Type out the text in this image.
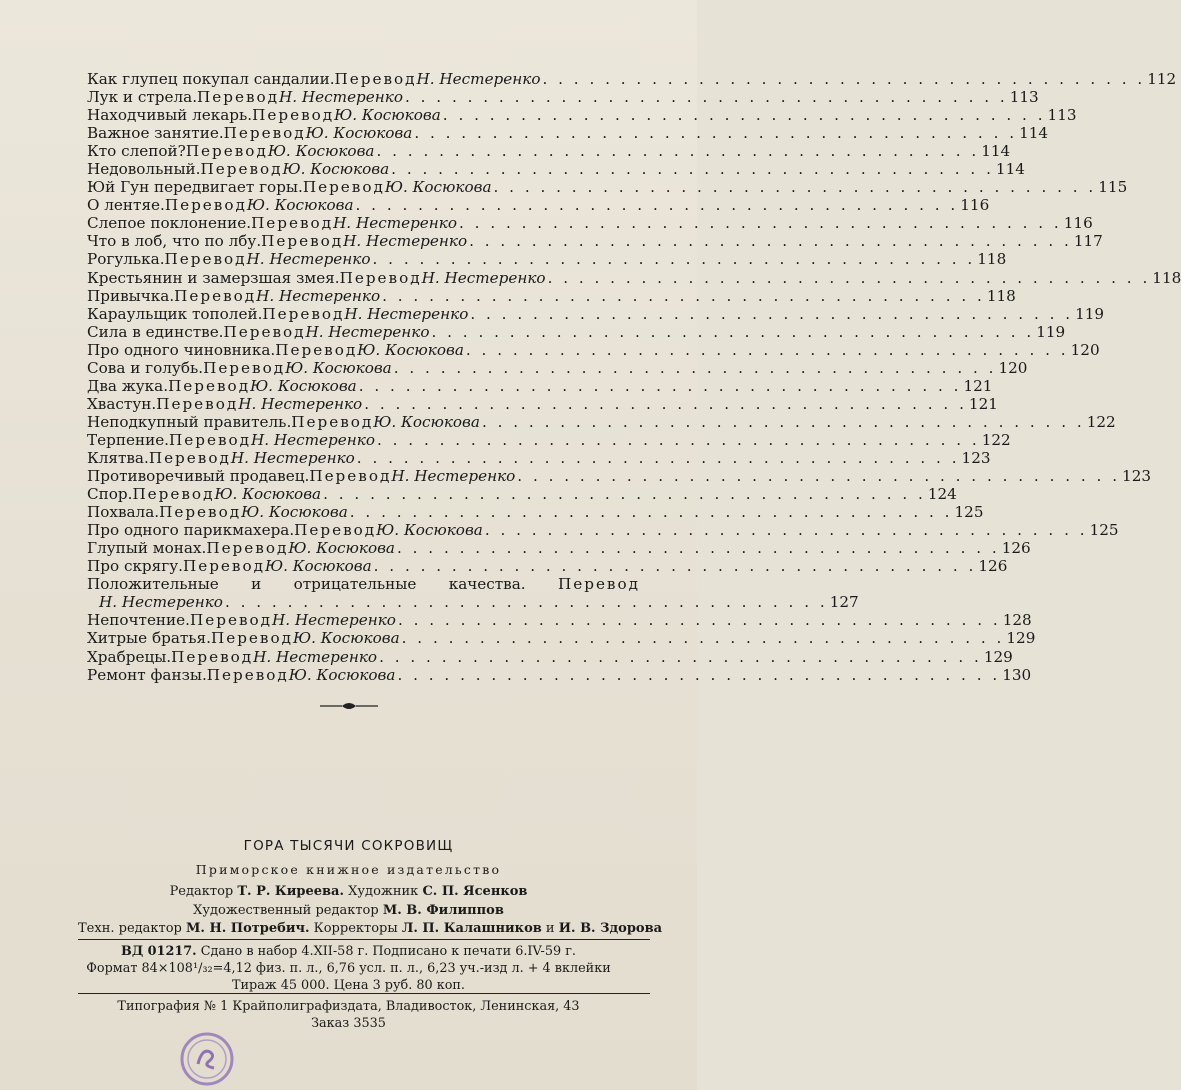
Как глупец покупал сандалии. Перевод Н. Нестеренко . . . . . . . . . . . . . . . . . . . . . . . . . . . . . . . . . . . . . . . 112
Лук и стрела. Перевод Н. Нестеренко . . . . . . . . . . . . . . . . . . . . . . . . . . . . . . . . . . . . . . . 113
Находчивый лекарь. Перевод Ю. Косюкова . . . . . . . . . . . . . . . . . . . . . . . . . . . . . . . . . . . . . . . 113
Важное занятие. Перевод Ю. Косюкова . . . . . . . . . . . . . . . . . . . . . . . . . . . . . . . . . . . . . . . 114
Кто слепой? Перевод Ю. Косюкова . . . . . . . . . . . . . . . . . . . . . . . . . . . . . . . . . . . . . . . 114
Недовольный. Перевод Ю. Косюкова . . . . . . . . . . . . . . . . . . . . . . . . . . . . . . . . . . . . . . . 114
Юй Гун передвигает горы. Перевод Ю. Косюкова . . . . . . . . . . . . . . . . . . . . . . . . . . . . . . . . . . . . . . . 115
О лентяе. Перевод Ю. Косюкова . . . . . . . . . . . . . . . . . . . . . . . . . . . . . . . . . . . . . . . 116
Слепое поклонение. Перевод Н. Нестеренко . . . . . . . . . . . . . . . . . . . . . . . . . . . . . . . . . . . . . . . 116
Что в лоб, что по лбу. Перевод Н. Нестеренко . . . . . . . . . . . . . . . . . . . . . . . . . . . . . . . . . . . . . . . 117
Рогулька. Перевод Н. Нестеренко . . . . . . . . . . . . . . . . . . . . . . . . . . . . . . . . . . . . . . . 118
Крестьянин и замерзшая змея. Перевод Н. Нестеренко . . . . . . . . . . . . . . . . . . . . . . . . . . . . . . . . . . . . . . . 118
Привычка. Перевод Н. Нестеренко . . . . . . . . . . . . . . . . . . . . . . . . . . . . . . . . . . . . . . . 118
Караульщик тополей. Перевод Н. Нестеренко . . . . . . . . . . . . . . . . . . . . . . . . . . . . . . . . . . . . . . . 119
Сила в единстве. Перевод Н. Нестеренко . . . . . . . . . . . . . . . . . . . . . . . . . . . . . . . . . . . . . . . 119
Про одного чиновника. Перевод Ю. Косюкова . . . . . . . . . . . . . . . . . . . . . . . . . . . . . . . . . . . . . . . 120
Сова и голубь. Перевод Ю. Косюкова . . . . . . . . . . . . . . . . . . . . . . . . . . . . . . . . . . . . . . . 120
Два жука. Перевод Ю. Косюкова . . . . . . . . . . . . . . . . . . . . . . . . . . . . . . . . . . . . . . . 121
Хвастун. Перевод Н. Нестеренко . . . . . . . . . . . . . . . . . . . . . . . . . . . . . . . . . . . . . . . 121
Неподкупный правитель. Перевод Ю. Косюкова . . . . . . . . . . . . . . . . . . . . . . . . . . . . . . . . . . . . . . . 122
Терпение. Перевод Н. Нестеренко . . . . . . . . . . . . . . . . . . . . . . . . . . . . . . . . . . . . . . . 122
Клятва. Перевод Н. Нестеренко . . . . . . . . . . . . . . . . . . . . . . . . . . . . . . . . . . . . . . . 123
Противоречивый продавец. Перевод Н. Нестеренко . . . . . . . . . . . . . . . . . . . . . . . . . . . . . . . . . . . . . . . 123
Спор. Перевод Ю. Косюкова . . . . . . . . . . . . . . . . . . . . . . . . . . . . . . . . . . . . . . . 124
Похвала. Перевод Ю. Косюкова . . . . . . . . . . . . . . . . . . . . . . . . . . . . . . . . . . . . . . . 125
Про одного парикмахера. Перевод Ю. Косюкова . . . . . . . . . . . . . . . . . . . . . . . . . . . . . . . . . . . . . . . 125
Глупый монах. Перевод Ю. Косюкова . . . . . . . . . . . . . . . . . . . . . . . . . . . . . . . . . . . . . . . 126
Про скрягу. Перевод Ю. Косюкова . . . . . . . . . . . . . . . . . . . . . . . . . . . . . . . . . . . . . . . 126
Положительные и отрицательные качества. Перевод
Н. Нестеренко . . . . . . . . . . . . . . . . . . . . . . . . . . . . . . . . . . . . . . . 127
Непочтение. Перевод Н. Нестеренко . . . . . . . . . . . . . . . . . . . . . . . . . . . . . . . . . . . . . . . 128
Хитрые братья. Перевод Ю. Косюкова . . . . . . . . . . . . . . . . . . . . . . . . . . . . . . . . . . . . . . . 129
Храбрецы. Перевод Н. Нестеренко . . . . . . . . . . . . . . . . . . . . . . . . . . . . . . . . . . . . . . . 129
Ремонт фанзы. Перевод Ю. Косюкова . . . . . . . . . . . . . . . . . . . . . . . . . . . . . . . . . . . . . . . 130
ГОРА ТЫСЯЧИ СОКРОВИЩ
Приморское книжное издательство
Редактор Т. Р. Киреева. Художник С. П. Ясенков
Художественный редактор М. В. Филиппов
Техн. редактор М. Н. Потребич. Корректоры Л. П. Калашников и И. В. Здорова
ВД 01217. Сдано в набор 4.XII-58 г. Подписано к печати 6.IV-59 г.
Формат 84×108¹/₃₂=4,12 физ. п. л., 6,76 усл. п. л., 6,23 уч.-изд л. + 4 вклейки
Тираж 45 000. Цена 3 руб. 80 коп.
Типография № 1 Крайполиграфиздата, Владивосток, Ленинская, 43
Заказ 3535
